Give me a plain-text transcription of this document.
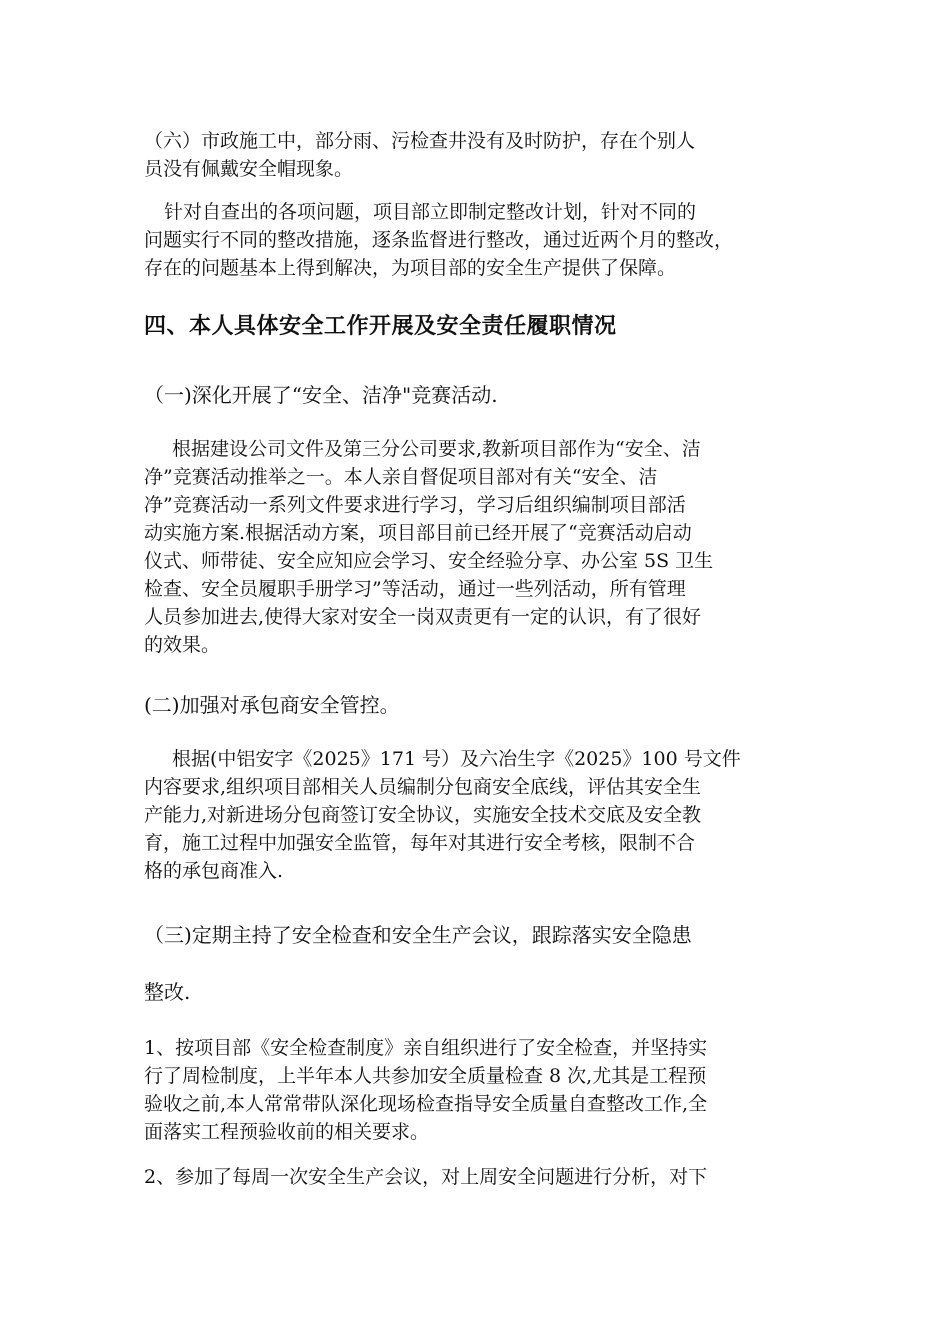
（六）市政施工中，部分雨、污检查井没有及时防护，存在个别人
员没有佩戴安全帽现象。

针对自查出的各项问题，项目部立即制定整改计划，针对不同的
问题实行不同的整改措施，逐条监督进行整改，通过近两个月的整改，
存在的问题基本上得到解决，为项目部的安全生产提供了保障。

四、本人具体安全工作开展及安全责任履职情况

（一)深化开展了“安全、洁净"竞赛活动.

根据建设公司文件及第三分公司要求,教新项目部作为“安全、洁
净”竞赛活动推举之一。本人亲自督促项目部对有关“安全、洁
净”竞赛活动一系列文件要求进行学习，学习后组织编制项目部活
动实施方案.根据活动方案，项目部目前已经开展了“竞赛活动启动
仪式、师带徒、安全应知应会学习、安全经验分享、办公室 5S 卫生
检查、安全员履职手册学习”等活动，通过一些列活动，所有管理
人员参加进去,使得大家对安全一岗双责更有一定的认识，有了很好
的效果。

(二)加强对承包商安全管控。

根据(中铝安字《2025》171 号）及六冶生字《2025》100 号文件
内容要求,组织项目部相关人员编制分包商安全底线，评估其安全生
产能力,对新进场分包商签订安全协议，实施安全技术交底及安全教
育，施工过程中加强安全监管，每年对其进行安全考核，限制不合
格的承包商准入.

（三)定期主持了安全检查和安全生产会议，跟踪落实安全隐患

整改.

1、按项目部《安全检查制度》亲自组织进行了安全检查，并坚持实
行了周检制度，上半年本人共参加安全质量检查 8 次,尤其是工程预
验收之前,本人常常带队深化现场检查指导安全质量自查整改工作,全
面落实工程预验收前的相关要求。

2、参加了每周一次安全生产会议，对上周安全问题进行分析，对下
